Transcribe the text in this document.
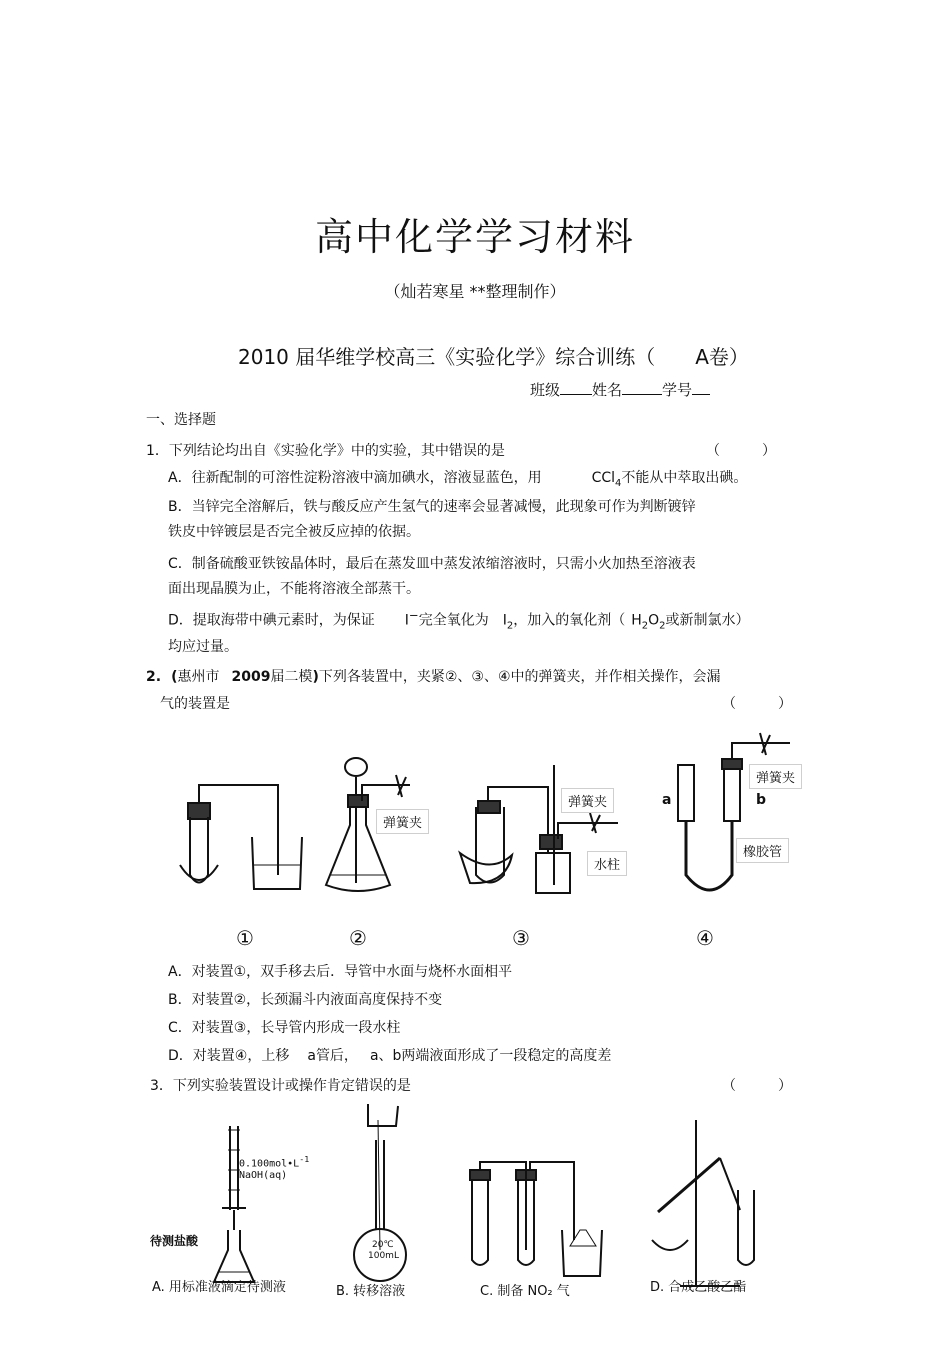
高中化学学习材料
（灿若寒星 **整理制作）
2010 届华维学校高三《实验化学》综合训练（　　A卷）
班级 姓名	学号
一、选择题
1．下列结论均出自《实验化学》中的实验，其中错误的是	（　　　）
A．往新配制的可溶性淀粉溶液中滴加碘水，溶液显蓝色，用	CCl$_4$不能从中萃取出碘。
B．当锌完全溶解后，铁与酸反应产生氢气的速率会显著减慢，此现象可作为判断镀锌
铁皮中锌镀层是否完全被反应掉的依据。
C．制备硫酸亚铁铵晶体时，最后在蒸发皿中蒸发浓缩溶液时，只需小火加热至溶液表
面出现晶膜为止，不能将溶液全部蒸干。
D．提取海带中碘元素时，为保证 I−完全氧化为 $I_2$，加入的氧化剂（ $H_2O_2$或新制氯水）
均应过量。
2. (惠州市 2009届二模)下列各装置中，夹紧②、③、④中的弹簧夹，并作相关操作，会漏
气的装置是	（　　　）
弹簧夹
弹簧夹
水柱
弹簧夹
橡胶管
a	b
①	②	③	④
A．对装置①，双手移去后．导管中水面与烧杯水面相平
B．对装置②，长颈漏斗内液面高度保持不变
C．对装置③，长导管内形成一段水柱
D．对装置④，上移 a管后， a、b两端液面形成了一段稳定的高度差
3．下列实验装置设计或操作肯定错误的是	（　　　）
$0.100mol•L^{-1}$
NaOH(aq)
待测盐酸	20℃
100mL
A. 用标准液滴定待测液	B. 转移溶液	C. 制备 NO₂ 气	D. 合成乙酸乙酯
